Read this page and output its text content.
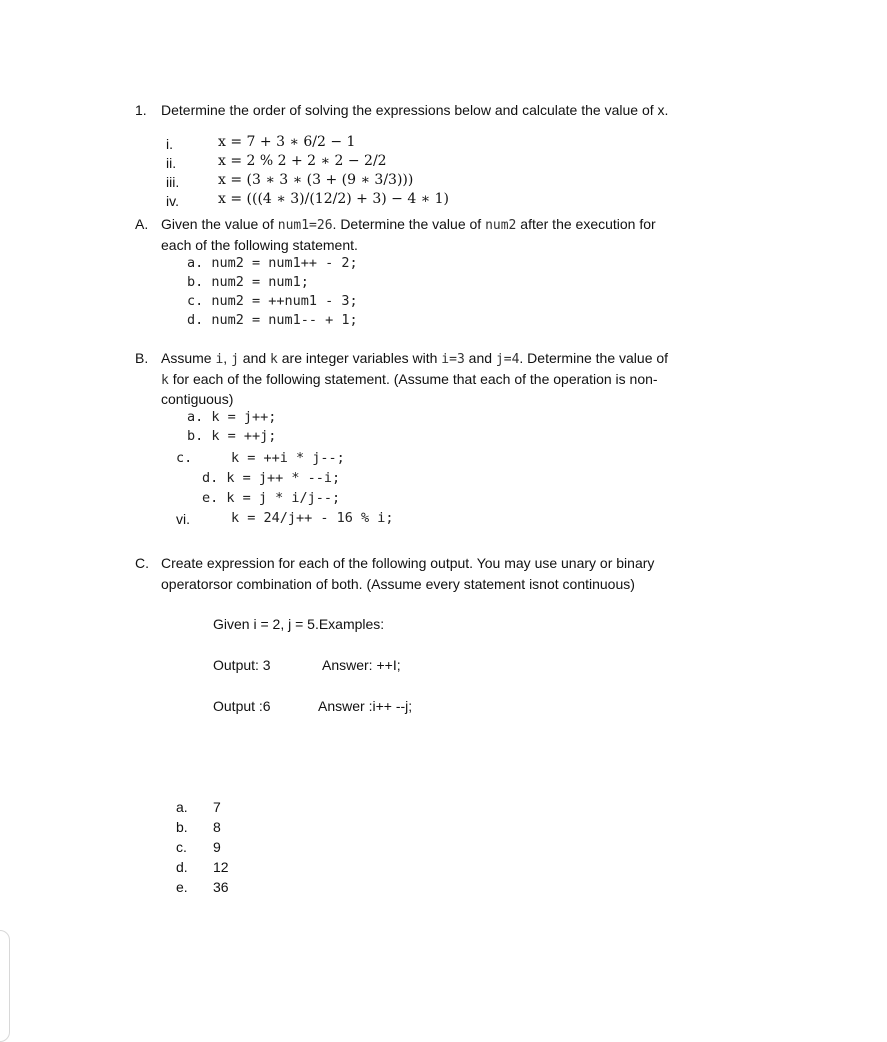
1. Determine the order of solving the expressions below and calculate the value of x.
i.	x = 7 + 3 ∗ 6/2 − 1
ii.	x = 2 % 2 + 2 ∗ 2 − 2/2
iii.	x = (3 ∗ 3 ∗ (3 + (9 ∗ 3/3)))
iv.	x = (((4 ∗ 3)/(12/2) + 3) − 4 ∗ 1)
A. Given the value of num1=26. Determine the value of num2 after the execution for
each of the following statement.
a. num2 = num1++ - 2;
b. num2 = num1;
c. num2 = ++num1 - 3;
d. num2 = num1-- + 1;
B. Assume i, j and k are integer variables with i=3 and j=4. Determine the value of
k for each of the following statement. (Assume that each of the operation is non-
contiguous)
a. k = j++;
b. k = ++j;
c.	k = ++i * j--;
d. k = j++ * --i;
e. k = j * i/j--;
vi.	k = 24/j++ - 16 % i;
C. Create expression for each of the following output. You may use unary or binary
operatorsor combination of both. (Assume every statement isnot continuous)
Given i = 2, j = 5.Examples:
Output: 3	Answer: ++I;
Output :6	Answer :i++ --j;
a. 7
b. 8
c. 9
d. 12
e. 36
